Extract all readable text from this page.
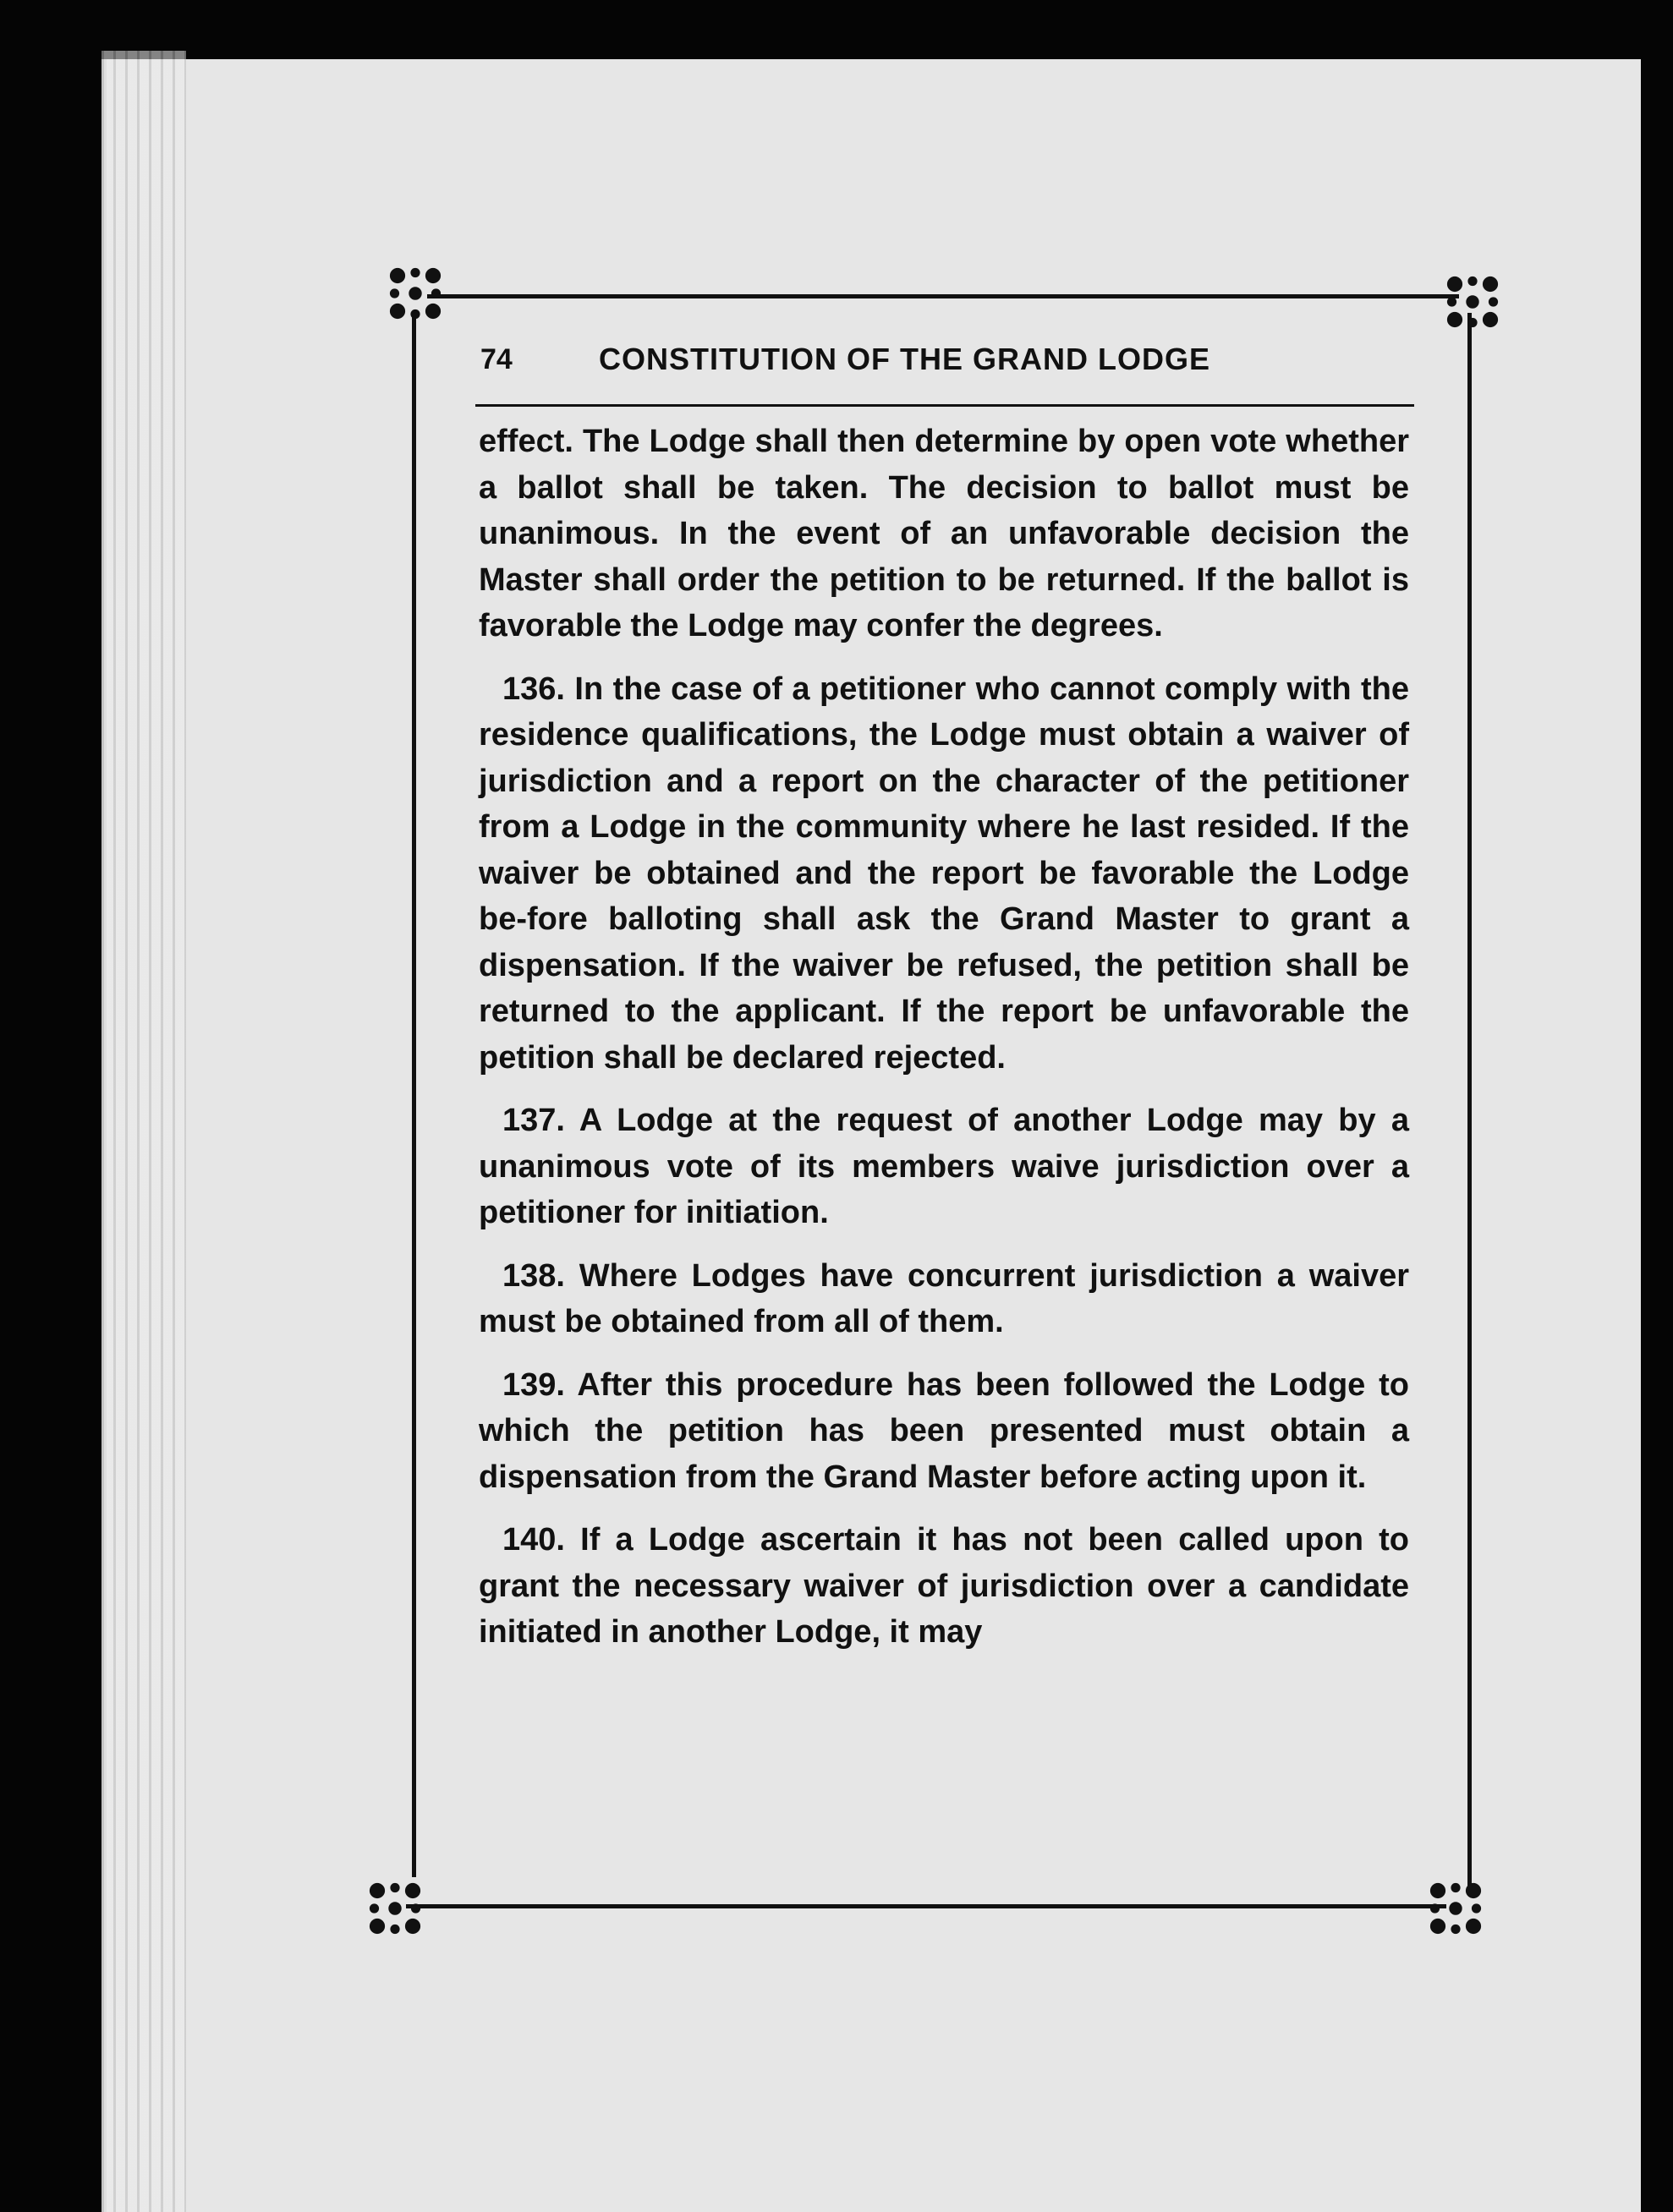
74	CONSTITUTION OF THE GRAND LODGE

effect. The Lodge shall then determine by open vote whether a ballot shall be taken. The decision to ballot must be unanimous. In the event of an unfavorable decision the Master shall order the petition to be returned. If the ballot is favorable the Lodge may confer the degrees.

136. In the case of a petitioner who cannot comply with the residence qualifications, the Lodge must obtain a waiver of jurisdiction and a report on the character of the petitioner from a Lodge in the community where he last resided. If the waiver be obtained and the report be favorable the Lodge be-fore balloting shall ask the Grand Master to grant a dispensation. If the waiver be refused, the petition shall be returned to the applicant. If the report be unfavorable the petition shall be declared rejected.

137. A Lodge at the request of another Lodge may by a unanimous vote of its members waive jurisdiction over a petitioner for initiation.

138. Where Lodges have concurrent jurisdiction a waiver must be obtained from all of them.

139. After this procedure has been followed the Lodge to which the petition has been presented must obtain a dispensation from the Grand Master before acting upon it.

140. If a Lodge ascertain it has not been called upon to grant the necessary waiver of jurisdiction over a candidate initiated in another Lodge, it may
